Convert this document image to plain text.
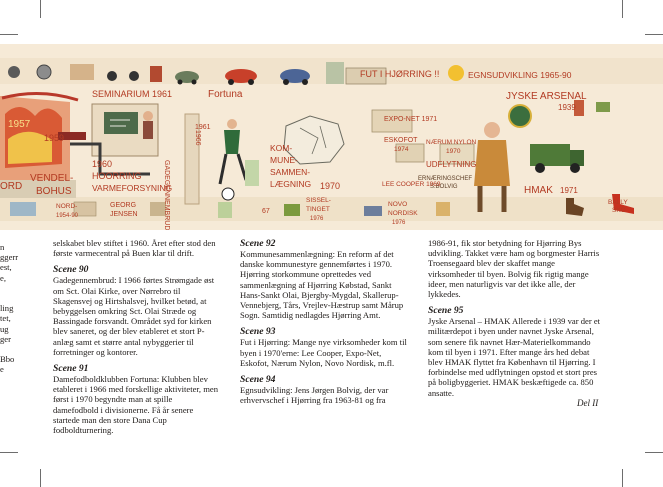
SEMINARIUM 1961	Fortuna
FUT I HJØRRING !!	EGNSUDVIKLING 1965-90
JYSKE ARSENAL
1939
EXPO-NET 1971
ESKOFOT
1974
NÆRUM NYLON
1970
UDFLYTNING
ERNÆRINGSCHEF
S.BOLVIG
LEE COOPER 1969
HMAK 1971
KOM-
MUNE-
SAMMEN-
LÆGNING 1970
GADEGENNEMBRUD
1966
1959
1960
HOORRING
VARMEFORSYNING
VENDEL-
BOHUS
ORD
NORD-
1954-90
GEORG
JENSEN
SISSEL-
TINGET
1976
NOVO
NORDISK
1976
BALLY
SKO
67
1961
1957
n
ggerr
est,
e,

ling
tet,
ug
ger

Bbo
e

selskabet blev stiftet i 1960. Året efter stod den første varmecentral på Buen klar til drift.

Scene 90

Gadegennembrud: I 1966 førtes Strømgade øst om Sct. Olai Kirke, over Nørrebro til Skagensvej og Hirtshalsvej, hvilket betød, at bebyggelsen omkring Sct. Olai Stræde og Bassingade forsvandt. Området syd for kirken blev saneret, og der blev etableret et stort P-anlæg samt et større antal nybyggerier til forretninger og kontorer.

Scene 91

Damefodboldklubben Fortuna: Klubben blev etableret i 1966 med forskellige aktiviteter, men først i 1970 begyndte man at spille damefodbold i divisionerne. Få år senere startede man den store Dana Cup fodboldturnering.

Scene 92

Kommunesammenlægning: En reform af det danske kommunestyre gennemførtes i 1970. Hjørring storkommune oprettedes ved sammenlægning af Hjørring Købstad, Sankt Hans-Sankt Olai, Bjergby-Mygdal, Skallerup-Vennebjerg, Tårs, Vrejlev-Hæstrup samt Mårup Sogn. Samtidig nedlagdes Hjørring Amt.

Scene 93

Fut i Hjørring: Mange nye virksomheder kom til byen i 1970'erne: Lee Cooper, Expo-Net, Eskofot, Nærum Nylon, Novo Nordisk, m.fl.

Scene 94

Egnsudvikling: Jens Jørgen Bolvig, der var erhvervschef i Hjørring fra 1963-81 og fra

1986-91, fik stor betydning for Hjørring Bys udvikling. Takket være ham og borgmester Harris Troensegaard blev der skaffet mange virksomheder til byen. Bolvig fik rigtig mange ideer, men naturligvis var det ikke alle, der lykkedes.

Scene 95

Jyske Arsenal – HMAK Allerede i 1939 var der et militærdepot i byen under navnet Jyske Arsenal, som senere fik navnet Hær-Materielkommando kom til byen i 1971. Efter mange års hed debat blev HMAK flyttet fra København til Hjørring. I forbindelse med udflytningen opstod et stort pres på boligbyggeriet. HMAK beskæftigede ca. 850 ansatte.

Del II
